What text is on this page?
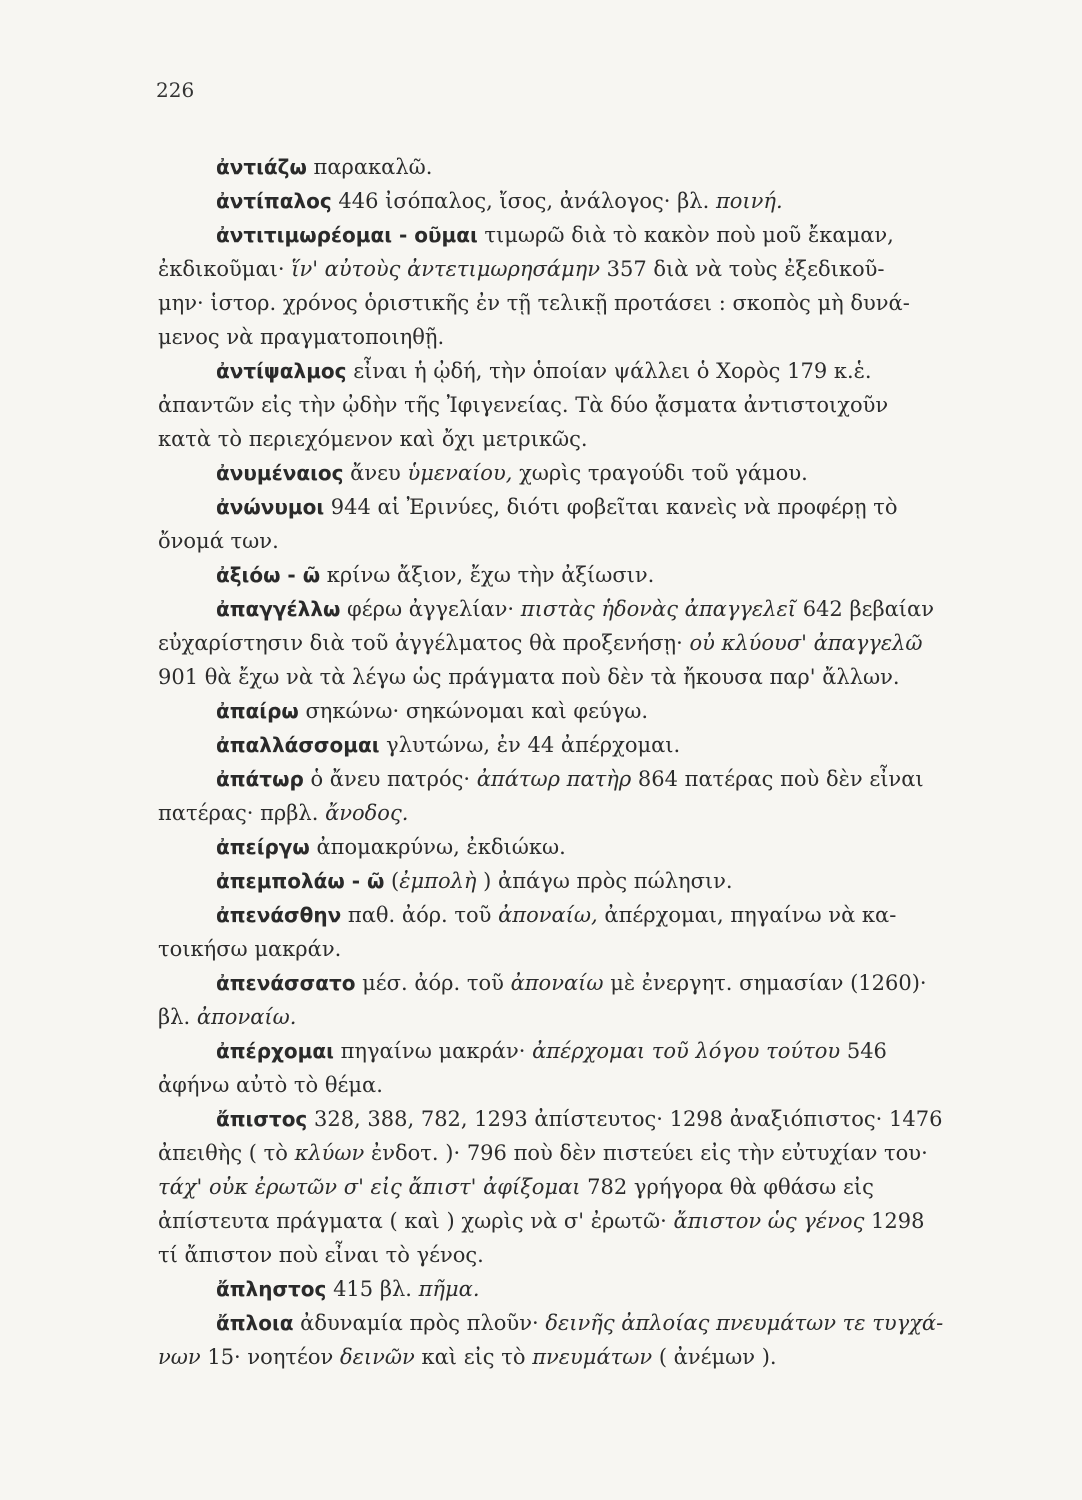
226
ἀντιάζω παρακαλῶ.
ἀντίπαλος 446 ἰσόπαλος, ἴσος, ἀνάλογος· βλ. ποινή.
ἀντιτιμωρέομαι - οῦμαι τιμωρῶ διὰ τὸ κακὸν ποὺ μοῦ ἔκαμαν,
ἐκδικοῦμαι· ἵν' αὐτοὺς ἀντετιμωρησάμην 357 διὰ νὰ τοὺς ἐξεδικοῦ-
μην· ἱστορ. χρόνος ὁριστικῆς ἐν τῇ τελικῇ προτάσει : σκοπὸς μὴ δυνά-
μενος νὰ πραγματοποιηθῇ.
ἀντίψαλμος εἶναι ἡ ᾠδή, τὴν ὁποίαν ψάλλει ὁ Χορὸς 179 κ.ἑ.
ἀπαντῶν εἰς τὴν ᾠδὴν τῆς Ἰφιγενείας. Τὰ δύο ᾄσματα ἀντιστοιχοῦν
κατὰ τὸ περιεχόμενον καὶ ὄχι μετρικῶς.
ἀνυμέναιος ἄνευ ὑμεναίου, χωρὶς τραγούδι τοῦ γάμου.
ἀνώνυμοι 944 αἱ Ἐρινύες, διότι φοβεῖται κανεὶς νὰ προφέρῃ τὸ
ὄνομά των.
ἀξιόω - ῶ κρίνω ἄξιον, ἔχω τὴν ἀξίωσιν.
ἀπαγγέλλω φέρω ἀγγελίαν· πιστὰς ἡδονὰς ἀπαγγελεῖ 642 βεβαίαν
εὐχαρίστησιν διὰ τοῦ ἀγγέλματος θὰ προξενήσῃ· οὐ κλύουσ' ἀπαγγελῶ
901 θὰ ἔχω νὰ τὰ λέγω ὡς πράγματα ποὺ δὲν τὰ ἤκουσα παρ' ἄλλων.
ἀπαίρω σηκώνω· σηκώνομαι καὶ φεύγω.
ἀπαλλάσσομαι γλυτώνω, ἐν 44 ἀπέρχομαι.
ἀπάτωρ ὁ ἄνευ πατρός· ἀπάτωρ πατὴρ 864 πατέρας ποὺ δὲν εἶναι
πατέρας· πρβλ. ἄνοδος.
ἀπείργω ἀπομακρύνω, ἐκδιώκω.
ἀπεμπολάω - ῶ (ἐμπολὴ ) ἀπάγω πρὸς πώλησιν.
ἀπενάσθην παθ. ἀόρ. τοῦ ἀποναίω, ἀπέρχομαι, πηγαίνω νὰ κα-
τοικήσω μακράν.
ἀπενάσσατο μέσ. ἀόρ. τοῦ ἀποναίω μὲ ἐνεργητ. σημασίαν (1260)·
βλ. ἀποναίω.
ἀπέρχομαι πηγαίνω μακράν· ἀπέρχομαι τοῦ λόγου τούτου 546
ἀφήνω αὐτὸ τὸ θέμα.
ἄπιστος 328, 388, 782, 1293 ἀπίστευτος· 1298 ἀναξιόπιστος· 1476
ἀπειθὴς ( τὸ κλύων ἐνδοτ. )· 796 ποὺ δὲν πιστεύει εἰς τὴν εὐτυχίαν του·
τάχ' οὐκ ἐρωτῶν σ' εἰς ἄπιστ' ἀφίξομαι 782 γρήγορα θὰ φθάσω εἰς
ἀπίστευτα πράγματα ( καὶ ) χωρὶς νὰ σ' ἐρωτῶ· ἄπιστον ὡς γένος 1298
τί ἄπιστον ποὺ εἶναι τὸ γένος.
ἄπληστος 415 βλ. πῆμα.
ἄπλοια ἀδυναμία πρὸς πλοῦν· δεινῆς ἀπλοίας πνευμάτων τε τυγχά-
νων 15· νοητέον δεινῶν καὶ εἰς τὸ πνευμάτων ( ἀνέμων ).
